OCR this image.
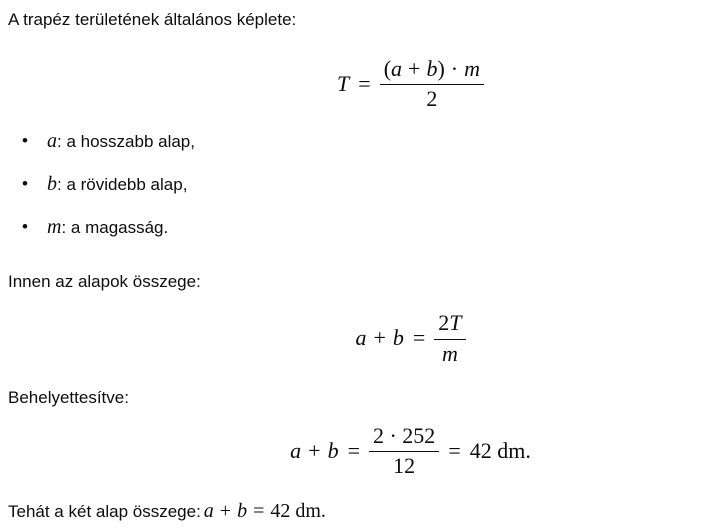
A trapéz területének általános képlete:

$T = \frac{( a + b ) \cdot m}{2}$
• a: a hosszabb alap,
• b: a rövidebb alap,
• m: a magasság.

Innen az alapok összege:

$a + b = \frac{2 T}{m}$

Behelyettesítve:

$a + b = \frac{2 \cdot 252}{12} = 42$ dm.

Tehát a két alap összege: a + b = 42 dm.
